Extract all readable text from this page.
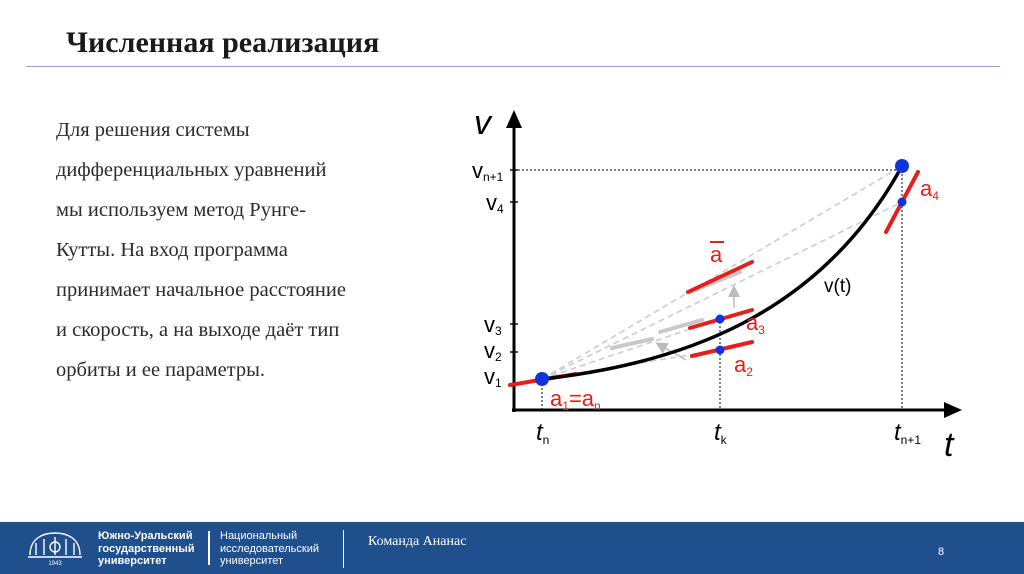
Численная реализация
Для решения системы
дифференциальных уравнений
мы используем метод Рунге-
Кутты. На вход программа
принимает начальное расстояние
и скорость, а на выходе даёт тип
орбиты и ее параметры.
v
t
vn+1
v4
v3
v2
v1
tn	tk	tn+1
v(t)
a1=an
a2
a3
a4
a
1943
Южно-Уральский
государственный
университет
Национальный
исследовательский
университет
Команда Ананас
8
